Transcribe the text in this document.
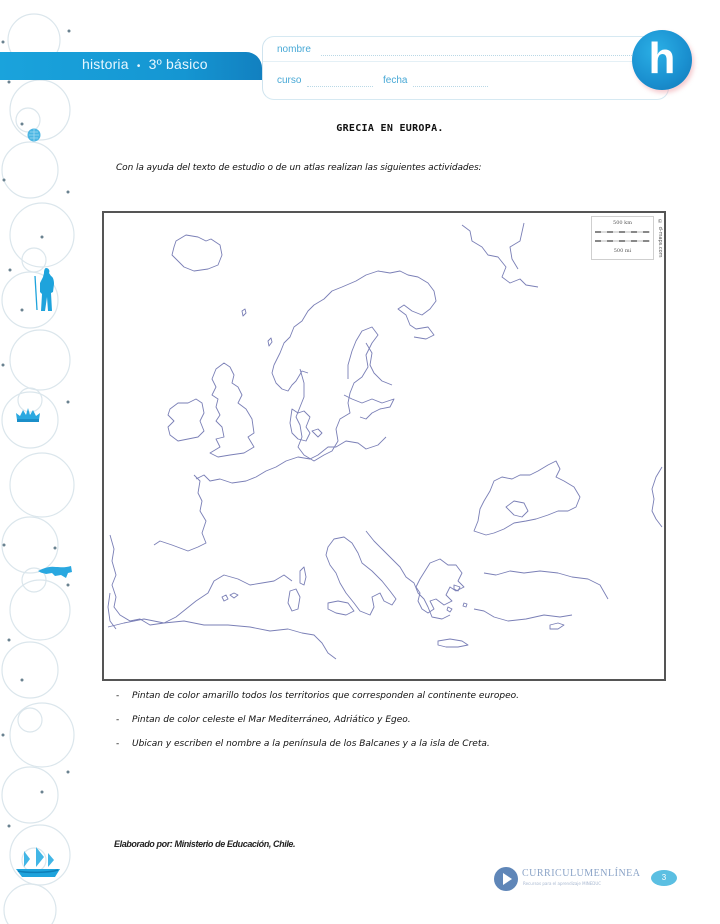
historia • 3º básico
nombre
curso	fecha	h
GRECIA EN EUROPA.
Con la ayuda del texto de estudio o de un atlas realizan las siguientes actividades:
500 km
500 mi	© d-maps.com
- Pintan de color amarillo todos los territorios que corresponden al continente europeo.
- Pintan de color celeste el Mar Mediterráneo, Adriático y Egeo.
- Ubican y escriben el nombre a la península de los Balcanes y a la isla de Creta.
Elaborado por: Ministerio de Educación, Chile.
CURRICULUMENLÍNEA
Recursos para el aprendizaje MINEDUC
3
